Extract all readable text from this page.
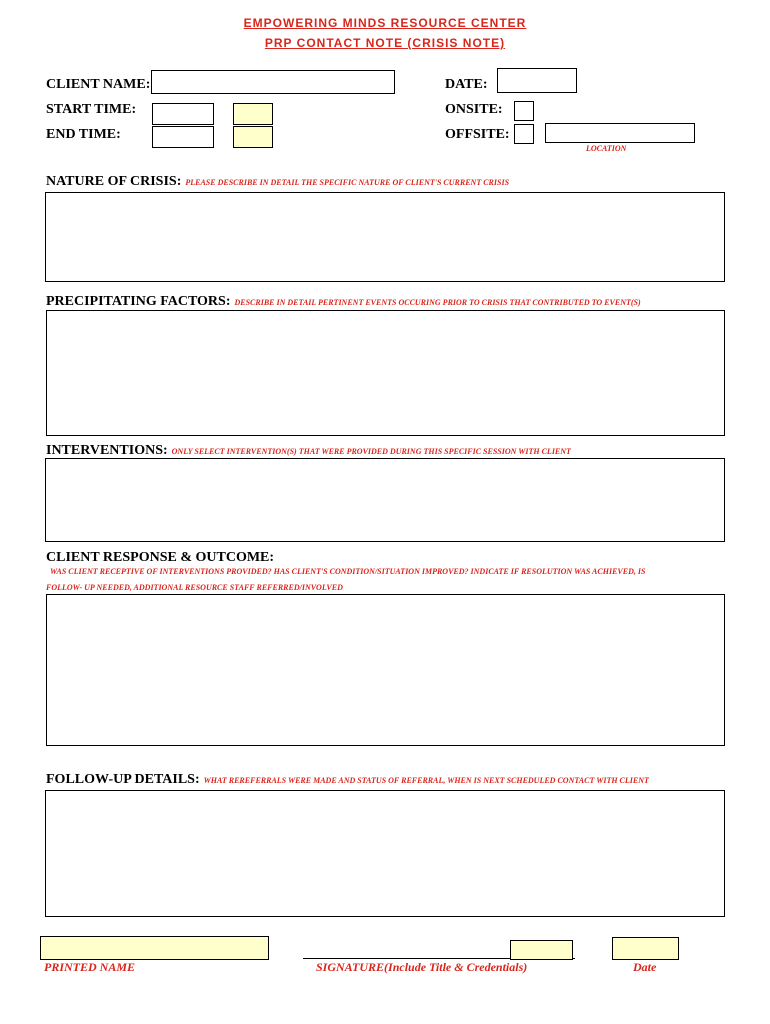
EMPOWERING MINDS RESOURCE CENTER
PRP CONTACT NOTE (CRISIS NOTE)
CLIENT NAME:	DATE:
START TIME:	ONSITE:
END TIME:	OFFSITE:
LOCATION
NATURE OF CRISIS: PLEASE DESCRIBE IN DETAIL THE SPECIFIC NATURE OF CLIENT'S CURRENT CRISIS
PRECIPITATING FACTORS: DESCRIBE IN DETAIL PERTINENT EVENTS OCCURING PRIOR TO CRISIS THAT CONTRIBUTED TO EVENT(S)
INTERVENTIONS: ONLY SELECT INTERVENTION(S) THAT WERE PROVIDED DURING THIS SPECIFIC SESSION WITH CLIENT
CLIENT RESPONSE & OUTCOME:
WAS CLIENT RECEPTIVE OF INTERVENTIONS PROVIDED? HAS CLIENT'S CONDITION/SITUATION IMPROVED? INDICATE IF RESOLUTION WAS ACHIEVED, IS
FOLLOW- UP NEEDED, ADDITIONAL RESOURCE STAFF REFERRED/INVOLVED
FOLLOW-UP DETAILS: WHAT REREFERRALS WERE MADE AND STATUS OF REFERRAL, WHEN IS NEXT SCHEDULED CONTACT WITH CLIENT
PRINTED NAME	SIGNATURE(Include Title & Credentials)	Date
